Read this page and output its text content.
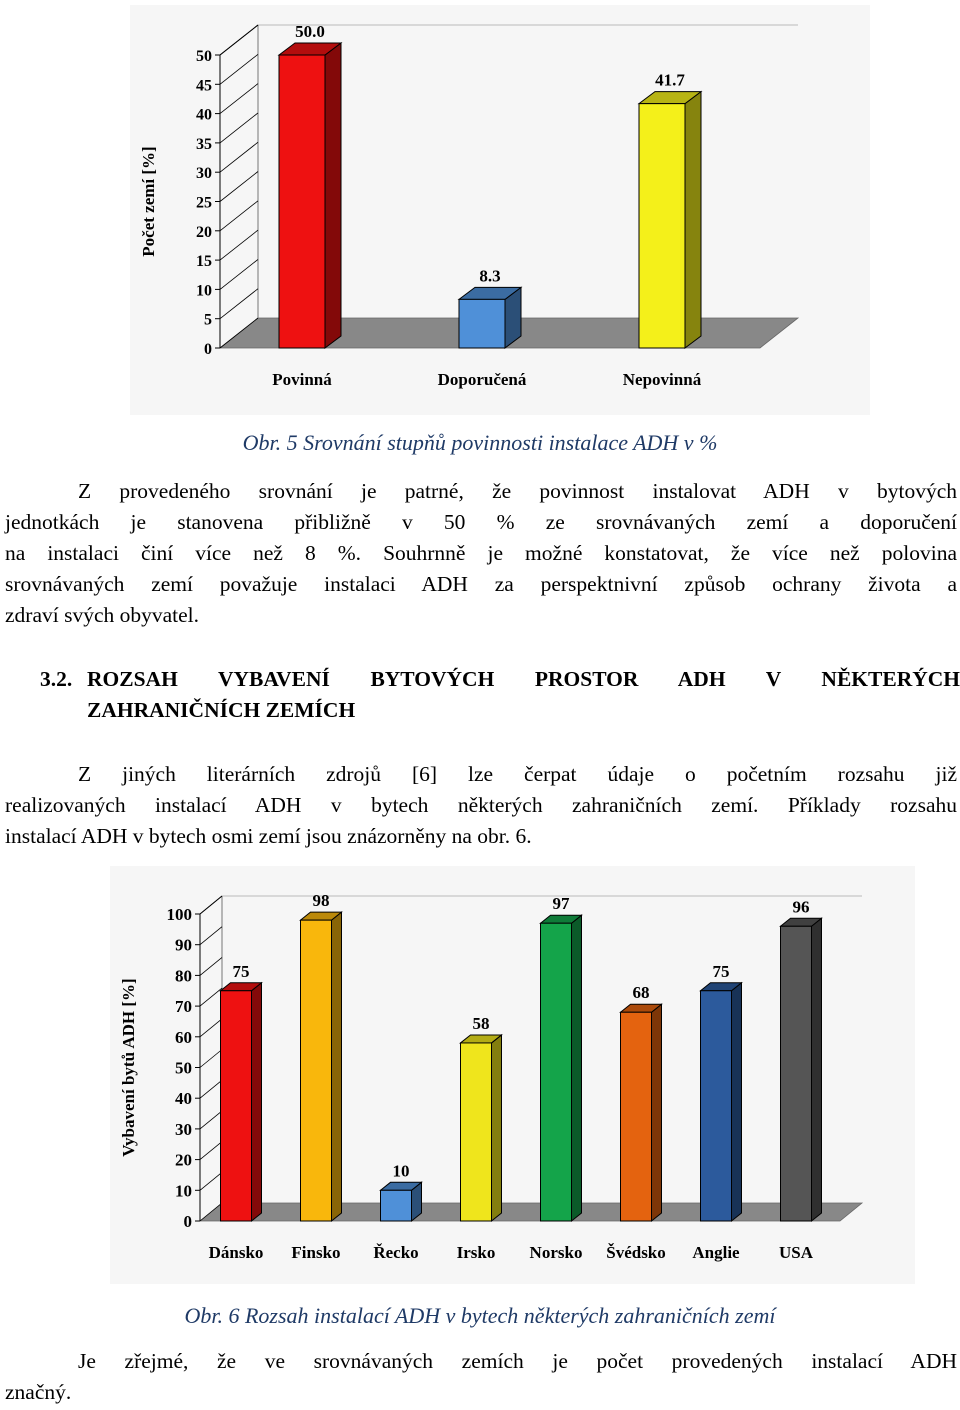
0
5
10
15
20
25
30
35
40
45
50
Počet zemí [%]
50.0
Povinná
8.3
Doporučená
41.7
Nepovinná
Obr. 5 Srovnání stupňů povinnosti instalace ADH v %
Z provedeného srovnání je patrné, že povinnost instalovat ADH v bytových
jednotkách je stanovena přibližně v 50 % ze srovnávaných zemí a doporučení
na instalaci činí více než 8 %. Souhrnně je možné konstatovat, že více než polovina
srovnávaných zemí považuje instalaci ADH za perspektnivní způsob ochrany života a
zdraví svých obyvatel.
3.2. ROZSAH VYBAVENÍ BYTOVÝCH PROSTOR ADH V NĚKTERÝCH
ZAHRANIČNÍCH ZEMÍCH
Z jiných literárních zdrojů [6] lze čerpat údaje o početním rozsahu již
realizovaných instalací ADH v bytech některých zahraničních zemí. Příklady rozsahu
instalací ADH v bytech osmi zemí jsou znázorněny na obr. 6.
0
10
20
30
40
50
60
70
80
90
100
Vybavení bytů ADH [%]
75
Dánsko
98
Finsko
10
Řecko
58
Irsko
97
Norsko
68
Švédsko
75
Anglie
96
USA
Obr. 6 Rozsah instalací ADH v bytech některých zahraničních zemí
Je zřejmé, že ve srovnávaných zemích je počet provedených instalací ADH
značný.
